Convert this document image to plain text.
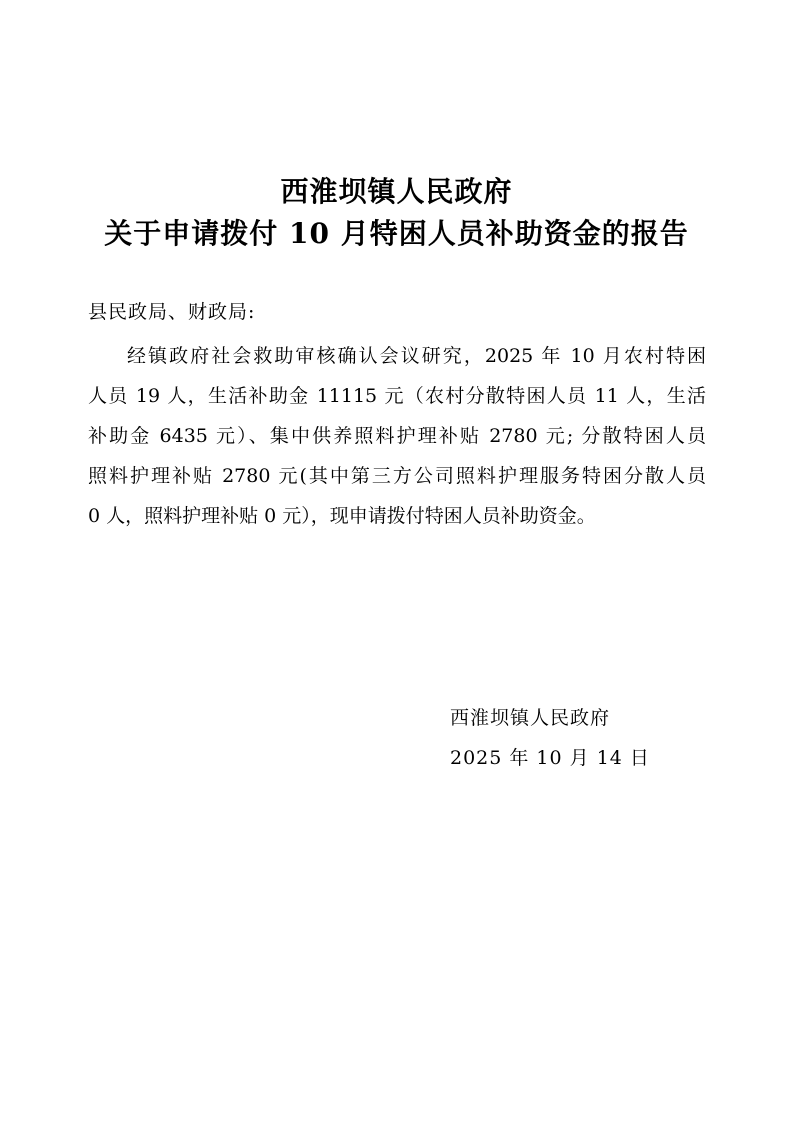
西淮坝镇人民政府
关于申请拨付 10 月特困人员补助资金的报告
县民政局、财政局:
经镇政府社会救助审核确认会议研究，2025 年 10 月农村特困
人员 19 人，生活补助金 11115 元（农村分散特困人员 11 人，生活
补助金 6435 元）、集中供养照料护理补贴 2780 元; 分散特困人员
照料护理补贴 2780 元(其中第三方公司照料护理服务特困分散人员
0 人，照料护理补贴 0 元），现申请拨付特困人员补助资金。
西淮坝镇人民政府
2025 年 10 月 14 日
